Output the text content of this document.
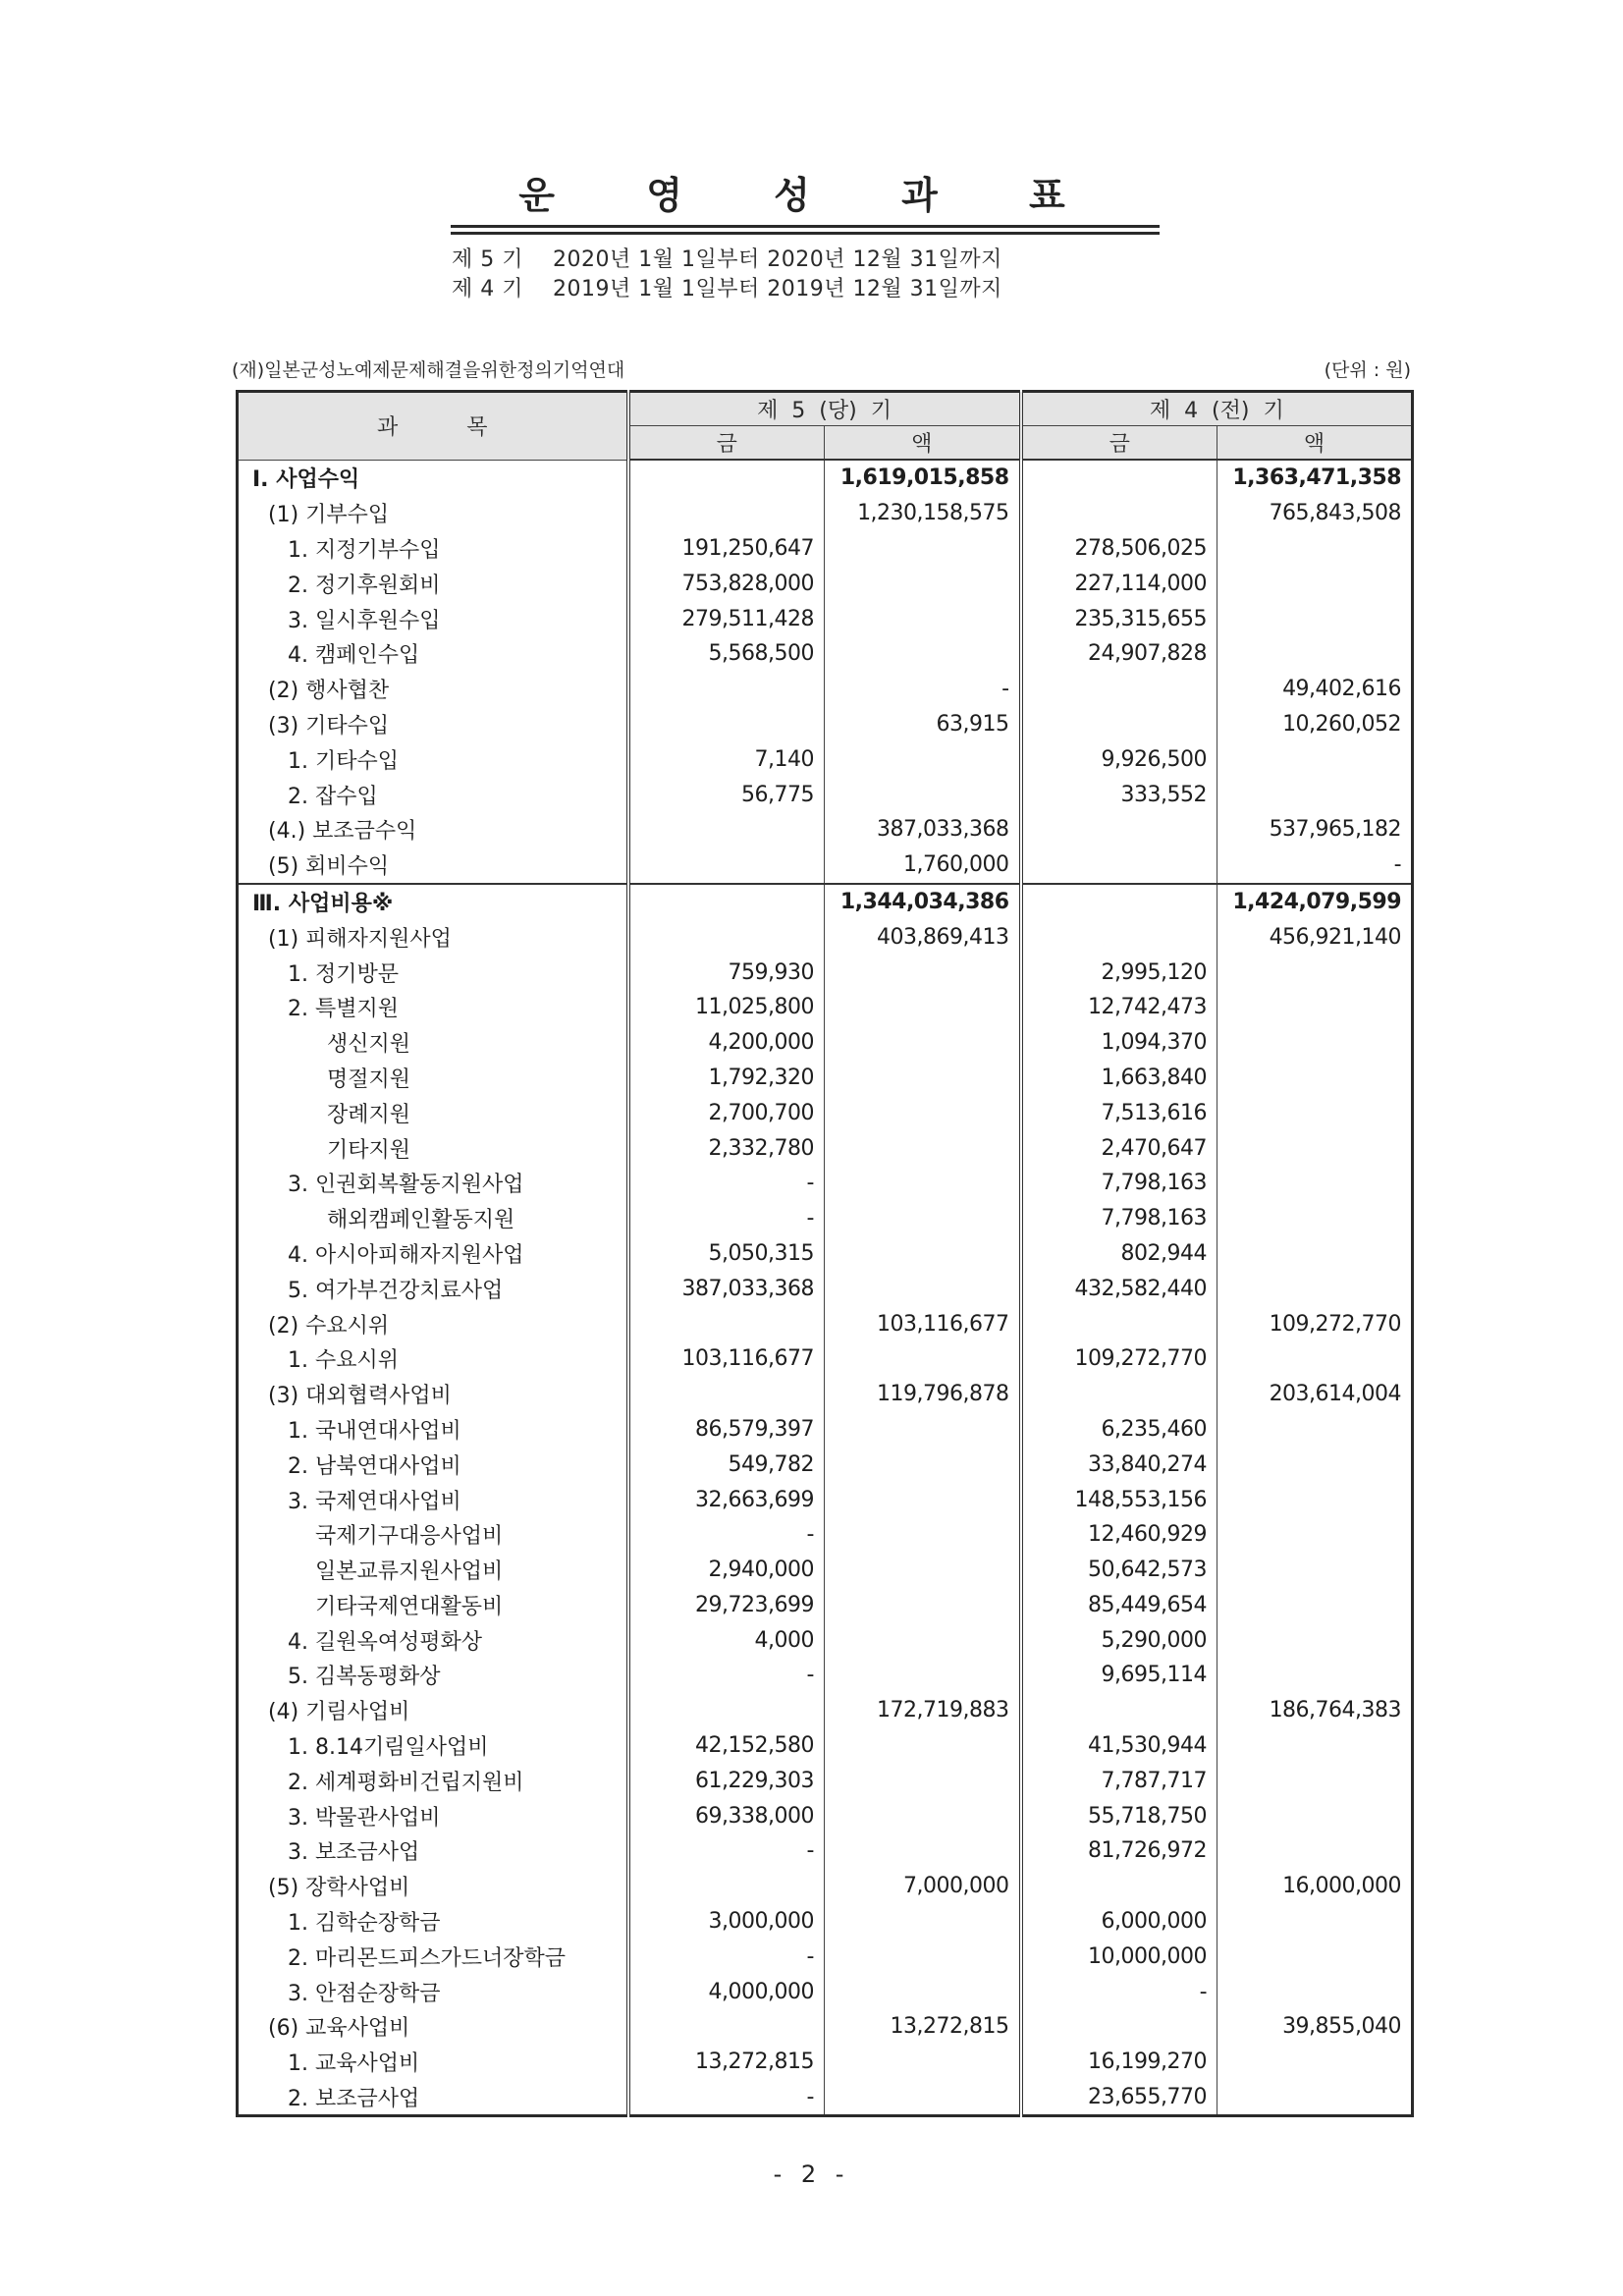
운 영 성 과 표
제 5 기 2020년 1월 1일부터 2020년 12월 31일까지
제 4 기 2019년 1월 1일부터 2019년 12월 31일까지
(재)일본군성노예제문제해결을위한정의기억연대	(단위 : 원)
과          목	제  5  (당)  기		제  4  (전)  기	
	금	액	금	액
Ⅰ. 사업수익		1,619,015,858		1,363,471,358
(1) 기부수입		1,230,158,575		765,843,508
1. 지정기부수입	191,250,647		278,506,025	
2. 정기후원회비	753,828,000		227,114,000	
3. 일시후원수입	279,511,428		235,315,655	
4. 캠페인수입	5,568,500		24,907,828	
(2) 행사협찬		-		49,402,616
(3) 기타수입		63,915		10,260,052
1. 기타수입	7,140		9,926,500	
2. 잡수입	56,775		333,552	
(4.) 보조금수익		387,033,368		537,965,182
(5) 회비수익		1,760,000		-
Ⅲ. 사업비용※		1,344,034,386		1,424,079,599
(1) 피해자지원사업		403,869,413		456,921,140
1. 정기방문	759,930		2,995,120	
2. 특별지원	11,025,800		12,742,473	
생신지원	4,200,000		1,094,370	
명절지원	1,792,320		1,663,840	
장례지원	2,700,700		7,513,616	
기타지원	2,332,780		2,470,647	
3. 인권회복활동지원사업	-		7,798,163	
해외캠페인활동지원	-		7,798,163	
4. 아시아피해자지원사업	5,050,315		802,944	
5. 여가부건강치료사업	387,033,368		432,582,440	
(2) 수요시위		103,116,677		109,272,770
1. 수요시위	103,116,677		109,272,770	
(3) 대외협력사업비		119,796,878		203,614,004
1. 국내연대사업비	86,579,397		6,235,460	
2. 남북연대사업비	549,782		33,840,274	
3. 국제연대사업비	32,663,699		148,553,156	
국제기구대응사업비	-		12,460,929	
일본교류지원사업비	2,940,000		50,642,573	
기타국제연대활동비	29,723,699		85,449,654	
4. 길원옥여성평화상	4,000		5,290,000	
5. 김복동평화상	-		9,695,114	
(4) 기림사업비		172,719,883		186,764,383
1. 8.14기림일사업비	42,152,580		41,530,944	
2. 세계평화비건립지원비	61,229,303		7,787,717	
3. 박물관사업비	69,338,000		55,718,750	
3. 보조금사업	-		81,726,972	
(5) 장학사업비		7,000,000		16,000,000
1. 김학순장학금	3,000,000		6,000,000	
2. 마리몬드피스가드너장학금	-		10,000,000	
3. 안점순장학금	4,000,000		-	
(6) 교육사업비		13,272,815		39,855,040
1. 교육사업비	13,272,815		16,199,270	
2. 보조금사업	-		23,655,770	
- 2 -
